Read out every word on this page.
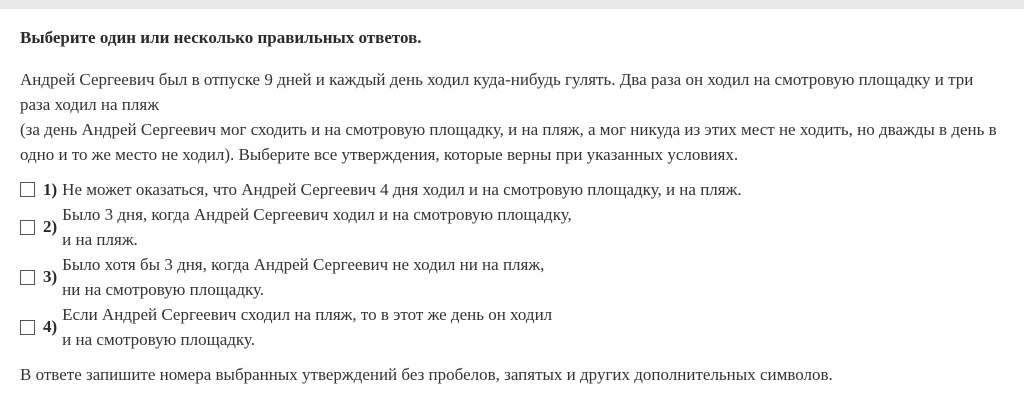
Выберите один или несколько правильных ответов.

Андрей Сергеевич был в отпуске 9 дней и каждый день ходил куда-нибудь гулять. Два раза он ходил на смотровую площадку и три раза ходил на пляж

(за день Андрей Сергеевич мог сходить и на смотровую площадку, и на пляж, а мог никуда из этих мест не ходить, но дважды в день в одно и то же место не ходил). Выберите все утверждения, которые верны при указанных условиях.

1) Не может оказаться, что Андрей Сергеевич 4 дня ходил и на смотровую площадку, и на пляж.
2)
Было 3 дня, когда Андрей Сергеевич ходил и на смотровую площадку,
и на пляж.
3)
Было хотя бы 3 дня, когда Андрей Сергеевич не ходил ни на пляж,
ни на смотровую площадку.
4)
Если Андрей Сергеевич сходил на пляж, то в этот же день он ходил
и на смотровую площадку.

В ответе запишите номера выбранных утверждений без пробелов, запятых и других дополнительных символов.
